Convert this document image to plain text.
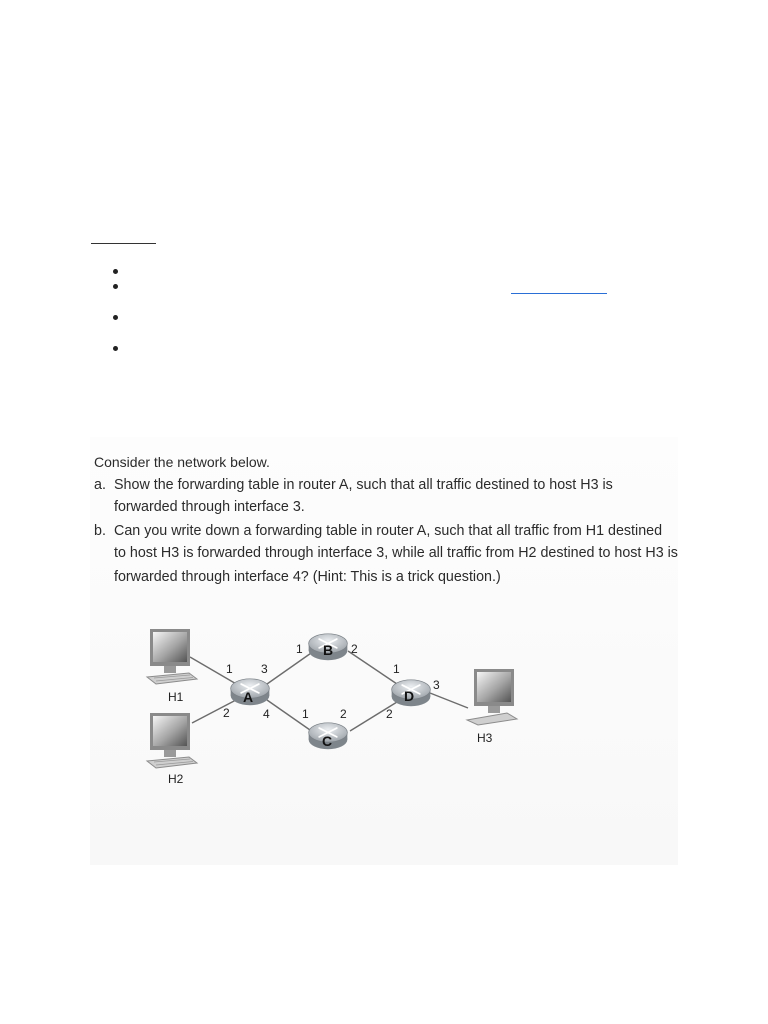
Consider the network below.
a. Show the forwarding table in router A, such that all traffic destined to host H3 is
forwarded through interface 3.
b. Can you write down a forwarding table in router A, such that all traffic from H1 destined
to host H3 is forwarded through interface 3, while all traffic from H2 destined to host H3 is
forwarded through interface 4? (Hint: This is a trick question.)
A
B
C
D
H1
H2
H3
1
2
3
4
1	2
1	2
1
2
3
